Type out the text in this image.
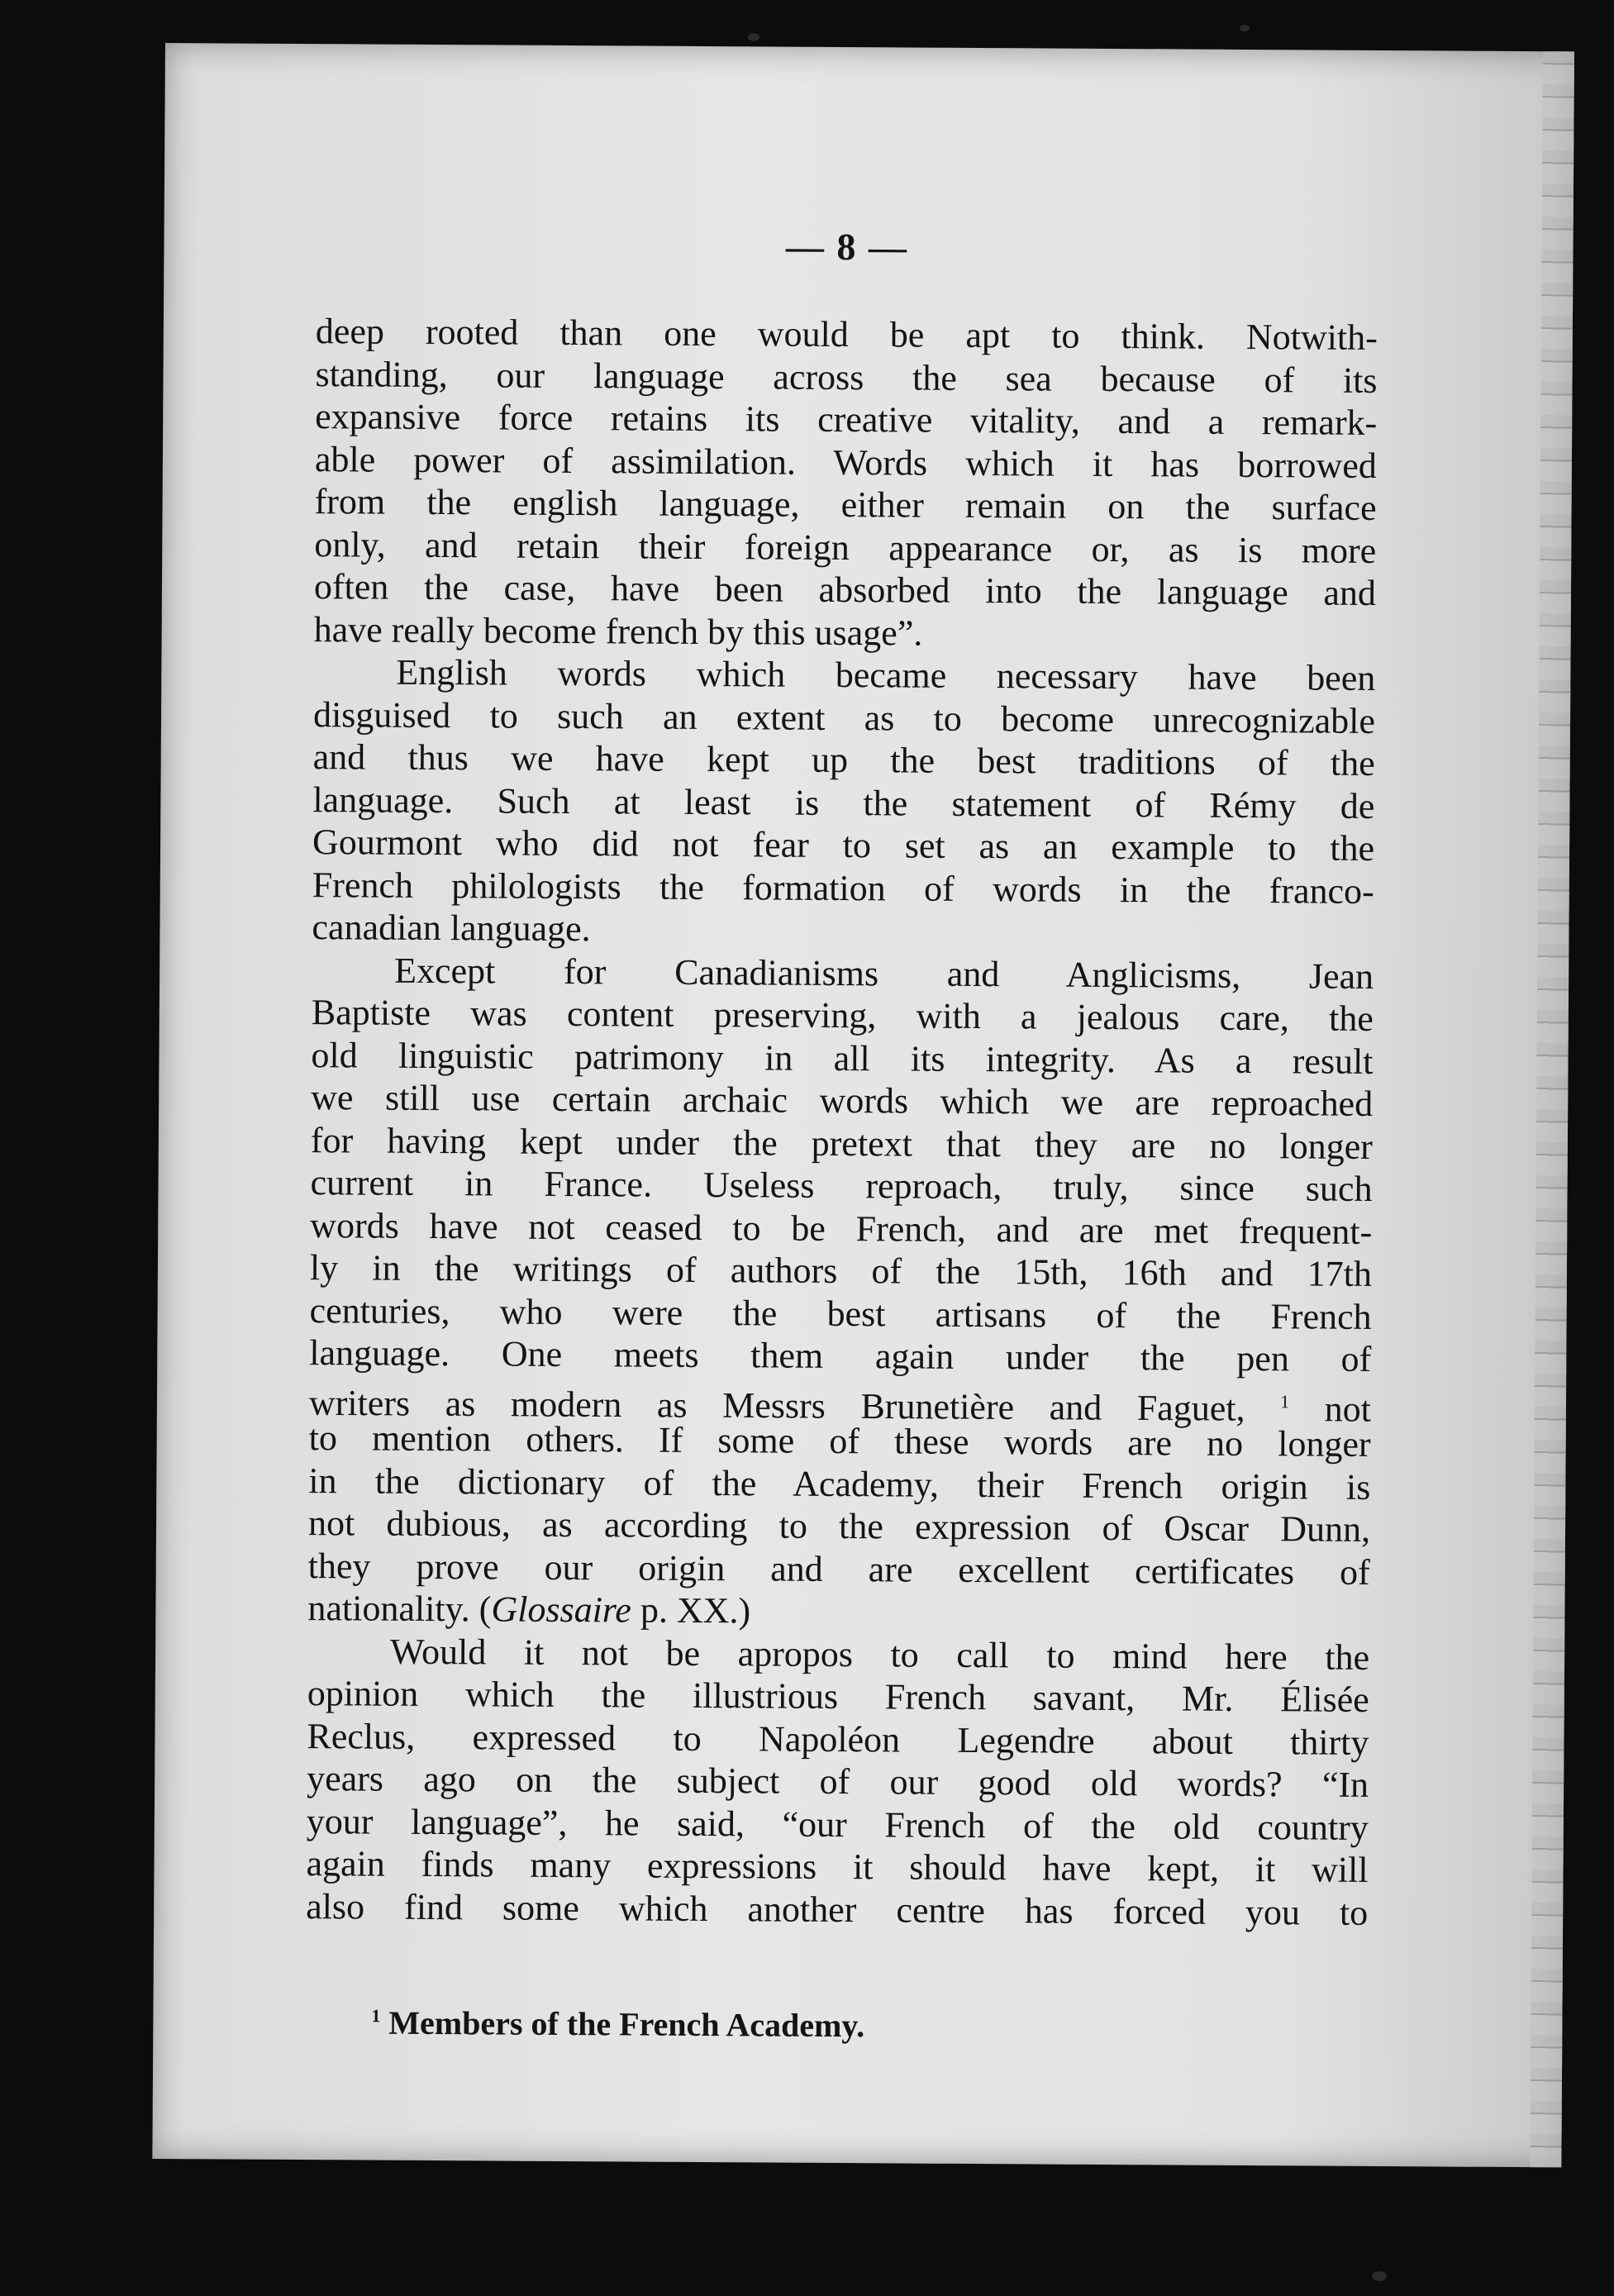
— 8 —
deep rooted than one would be apt to think. Notwith-
standing, our language across the sea because of its
expansive force retains its creative vitality, and a remark-
able power of assimilation. Words which it has borrowed
from the english language, either remain on the surface
only, and retain their foreign appearance or, as is more
often the case, have been absorbed into the language and
have really become french by this usage”.
English words which became necessary have been
disguised to such an extent as to become unrecognizable
and thus we have kept up the best traditions of the
language. Such at least is the statement of Rémy de
Gourmont who did not fear to set as an example to the
French philologists the formation of words in the franco-
canadian language.
Except for Canadianisms and Anglicisms, Jean
Baptiste was content preserving, with a jealous care, the
old linguistic patrimony in all its integrity. As a result
we still use certain archaic words which we are reproached
for having kept under the pretext that they are no longer
current in France. Useless reproach, truly, since such
words have not ceased to be French, and are met frequent-
ly in the writings of authors of the 15th, 16th and 17th
centuries, who were the best artisans of the French
language. One meets them again under the pen of
writers as modern as Messrs Brunetière and Faguet, $^1$ not
to mention others. If some of these words are no longer
in the dictionary of the Academy, their French origin is
not dubious, as according to the expression of Oscar Dunn,
they prove our origin and are excellent certificates of
nationality. (Glossaire p. XX.)
Would it not be apropos to call to mind here the
opinion which the illustrious French savant, Mr. Élisée
Reclus, expressed to Napoléon Legendre about thirty
years ago on the subject of our good old words? “In
your language”, he said, “our French of the old country
again finds many expressions it should have kept, it will
also find some which another centre has forced you to
$^1$ Members of the French Academy.
